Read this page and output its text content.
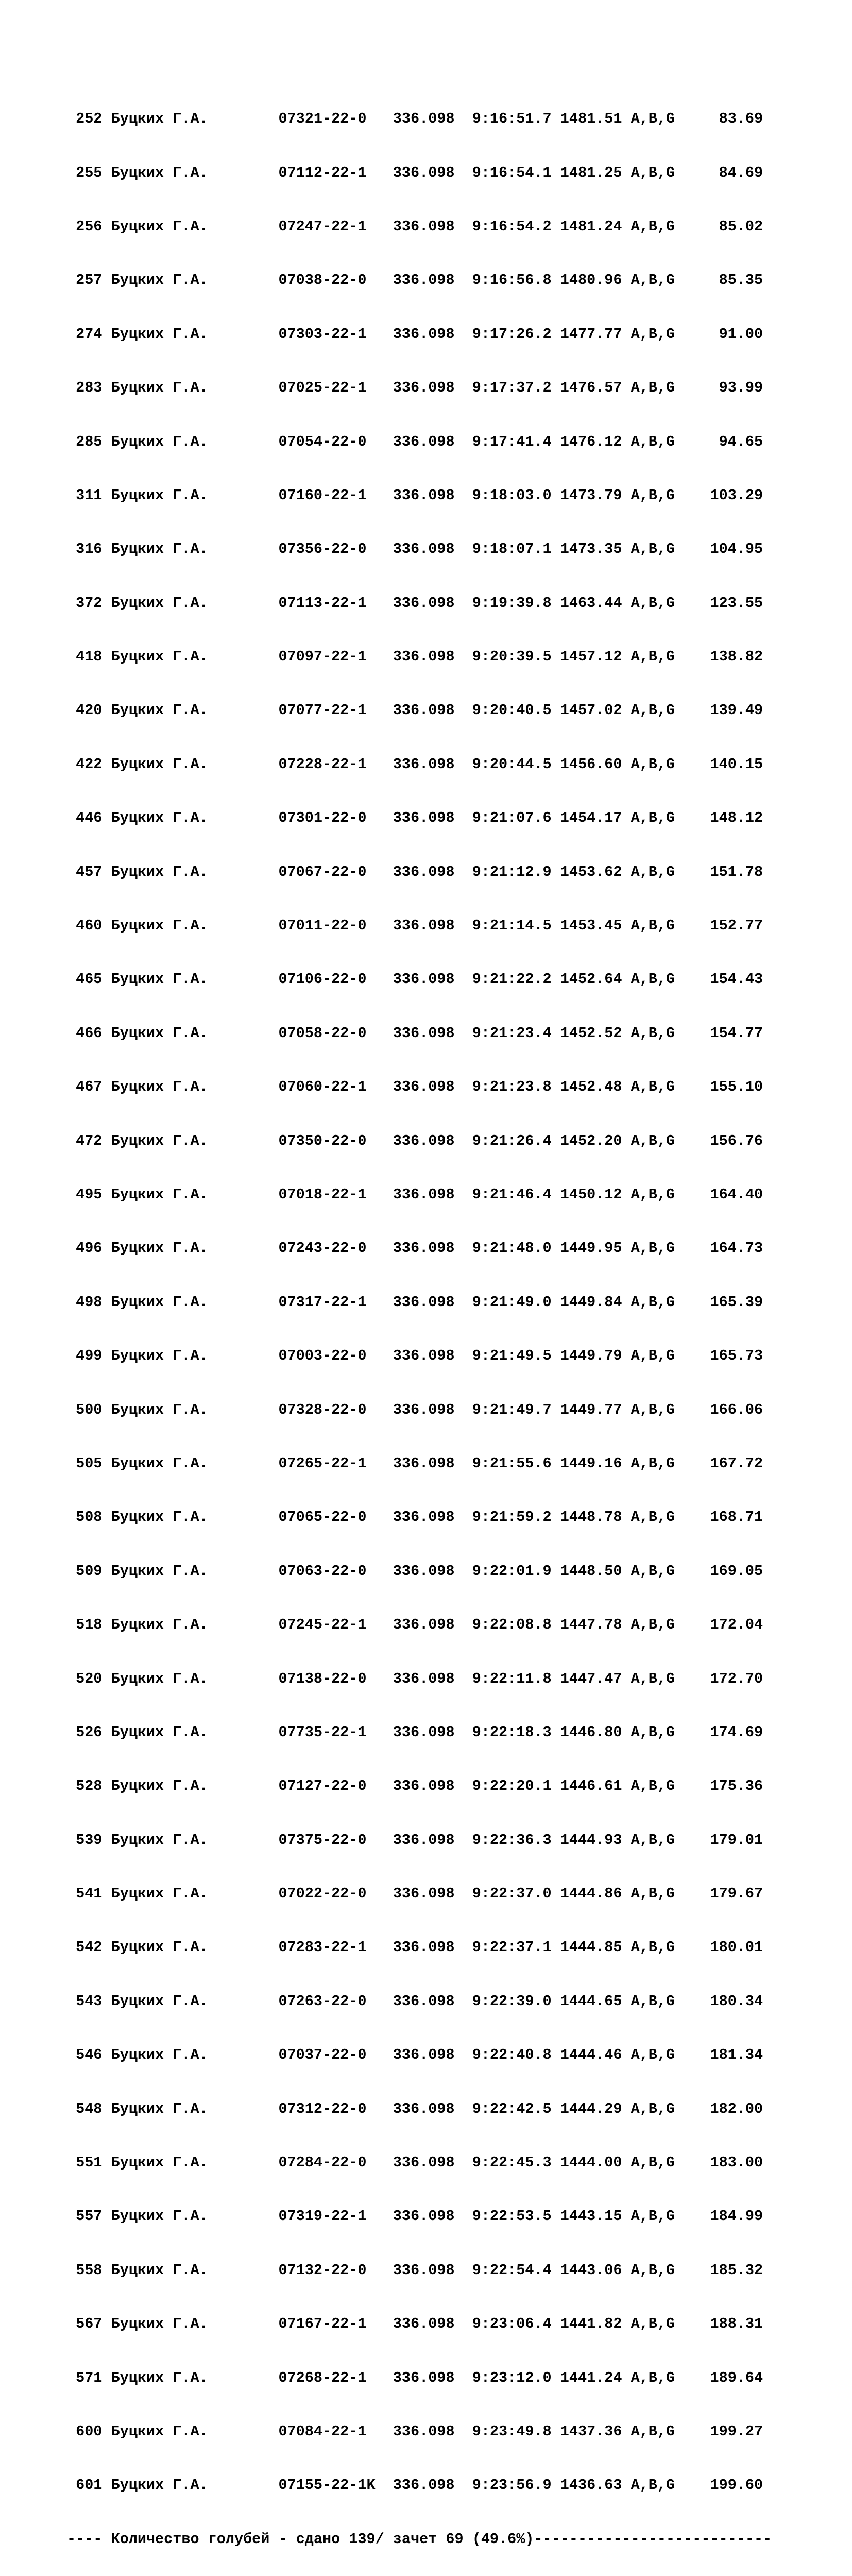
252 Буцких Г.А.        07321-22-0   336.098  9:16:51.7 1481.51 A,B,G     83.69

255 Буцких Г.А.        07112-22-1   336.098  9:16:54.1 1481.25 A,B,G     84.69

256 Буцких Г.А.        07247-22-1   336.098  9:16:54.2 1481.24 A,B,G     85.02

257 Буцких Г.А.        07038-22-0   336.098  9:16:56.8 1480.96 A,B,G     85.35

274 Буцких Г.А.        07303-22-1   336.098  9:17:26.2 1477.77 A,B,G     91.00

283 Буцких Г.А.        07025-22-1   336.098  9:17:37.2 1476.57 A,B,G     93.99

285 Буцких Г.А.        07054-22-0   336.098  9:17:41.4 1476.12 A,B,G     94.65

311 Буцких Г.А.        07160-22-1   336.098  9:18:03.0 1473.79 A,B,G    103.29

316 Буцких Г.А.        07356-22-0   336.098  9:18:07.1 1473.35 A,B,G    104.95

372 Буцких Г.А.        07113-22-1   336.098  9:19:39.8 1463.44 A,B,G    123.55

418 Буцких Г.А.        07097-22-1   336.098  9:20:39.5 1457.12 A,B,G    138.82

420 Буцких Г.А.        07077-22-1   336.098  9:20:40.5 1457.02 A,B,G    139.49

422 Буцких Г.А.        07228-22-1   336.098  9:20:44.5 1456.60 A,B,G    140.15

446 Буцких Г.А.        07301-22-0   336.098  9:21:07.6 1454.17 A,B,G    148.12

457 Буцких Г.А.        07067-22-0   336.098  9:21:12.9 1453.62 A,B,G    151.78

460 Буцких Г.А.        07011-22-0   336.098  9:21:14.5 1453.45 A,B,G    152.77

465 Буцких Г.А.        07106-22-0   336.098  9:21:22.2 1452.64 A,B,G    154.43

466 Буцких Г.А.        07058-22-0   336.098  9:21:23.4 1452.52 A,B,G    154.77

467 Буцких Г.А.        07060-22-1   336.098  9:21:23.8 1452.48 A,B,G    155.10

472 Буцких Г.А.        07350-22-0   336.098  9:21:26.4 1452.20 A,B,G    156.76

495 Буцких Г.А.        07018-22-1   336.098  9:21:46.4 1450.12 A,B,G    164.40

496 Буцких Г.А.        07243-22-0   336.098  9:21:48.0 1449.95 A,B,G    164.73

498 Буцких Г.А.        07317-22-1   336.098  9:21:49.0 1449.84 A,B,G    165.39

499 Буцких Г.А.        07003-22-0   336.098  9:21:49.5 1449.79 A,B,G    165.73

500 Буцких Г.А.        07328-22-0   336.098  9:21:49.7 1449.77 A,B,G    166.06

505 Буцких Г.А.        07265-22-1   336.098  9:21:55.6 1449.16 A,B,G    167.72

508 Буцких Г.А.        07065-22-0   336.098  9:21:59.2 1448.78 A,B,G    168.71

509 Буцких Г.А.        07063-22-0   336.098  9:22:01.9 1448.50 A,B,G    169.05

518 Буцких Г.А.        07245-22-1   336.098  9:22:08.8 1447.78 A,B,G    172.04

520 Буцких Г.А.        07138-22-0   336.098  9:22:11.8 1447.47 A,B,G    172.70

526 Буцких Г.А.        07735-22-1   336.098  9:22:18.3 1446.80 A,B,G    174.69

528 Буцких Г.А.        07127-22-0   336.098  9:22:20.1 1446.61 A,B,G    175.36

539 Буцких Г.А.        07375-22-0   336.098  9:22:36.3 1444.93 A,B,G    179.01

541 Буцких Г.А.        07022-22-0   336.098  9:22:37.0 1444.86 A,B,G    179.67

542 Буцких Г.А.        07283-22-1   336.098  9:22:37.1 1444.85 A,B,G    180.01

543 Буцких Г.А.        07263-22-0   336.098  9:22:39.0 1444.65 A,B,G    180.34

546 Буцких Г.А.        07037-22-0   336.098  9:22:40.8 1444.46 A,B,G    181.34

548 Буцких Г.А.        07312-22-0   336.098  9:22:42.5 1444.29 A,B,G    182.00

551 Буцких Г.А.        07284-22-0   336.098  9:22:45.3 1444.00 A,B,G    183.00

557 Буцких Г.А.        07319-22-1   336.098  9:22:53.5 1443.15 A,B,G    184.99

558 Буцких Г.А.        07132-22-0   336.098  9:22:54.4 1443.06 A,B,G    185.32

567 Буцких Г.А.        07167-22-1   336.098  9:23:06.4 1441.82 A,B,G    188.31

571 Буцких Г.А.        07268-22-1   336.098  9:23:12.0 1441.24 A,B,G    189.64

600 Буцких Г.А.        07084-22-1   336.098  9:23:49.8 1437.36 A,B,G    199.27

601 Буцких Г.А.        07155-22-1K  336.098  9:23:56.9 1436.63 A,B,G    199.60

---- Количество голубей - сдано 139/ зачет 69 (49.6%)---------------------------
